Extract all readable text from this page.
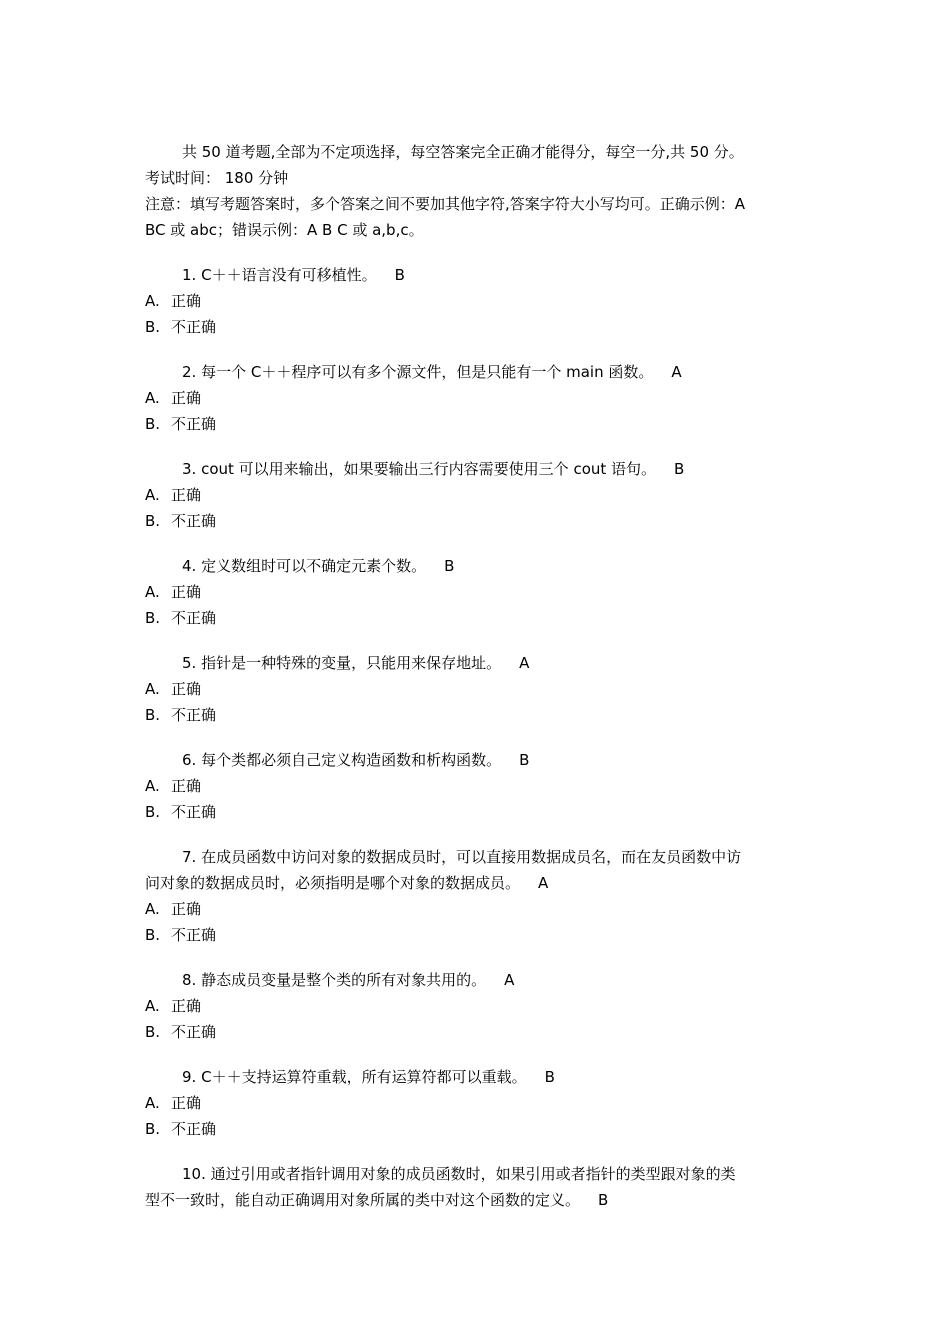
共 50 道考题,全部为不定项选择，每空答案完全正确才能得分，每空一分,共 50 分。
考试时间： 180 分钟
注意：填写考题答案时，多个答案之间不要加其他字符,答案字符大小写均可。正确示例：A
BC 或 abc；错误示例：A B C 或 a,b,c。
1. C＋＋语言没有可移植性。 B
A. 正确
B. 不正确
2. 每一个 C＋＋程序可以有多个源文件，但是只能有一个 main 函数。 A
A. 正确
B. 不正确
3. cout 可以用来输出，如果要输出三行内容需要使用三个 cout 语句。 B
A. 正确
B. 不正确
4. 定义数组时可以不确定元素个数。 B
A. 正确
B. 不正确
5. 指针是一种特殊的变量，只能用来保存地址。 A
A. 正确
B. 不正确
6. 每个类都必须自己定义构造函数和析构函数。 B
A. 正确
B. 不正确
7. 在成员函数中访问对象的数据成员时，可以直接用数据成员名，而在友员函数中访
问对象的数据成员时，必须指明是哪个对象的数据成员。 A
A. 正确
B. 不正确
8. 静态成员变量是整个类的所有对象共用的。 A
A. 正确
B. 不正确
9. C＋＋支持运算符重载，所有运算符都可以重载。 B
A. 正确
B. 不正确
10. 通过引用或者指针调用对象的成员函数时，如果引用或者指针的类型跟对象的类
型不一致时，能自动正确调用对象所属的类中对这个函数的定义。 B
